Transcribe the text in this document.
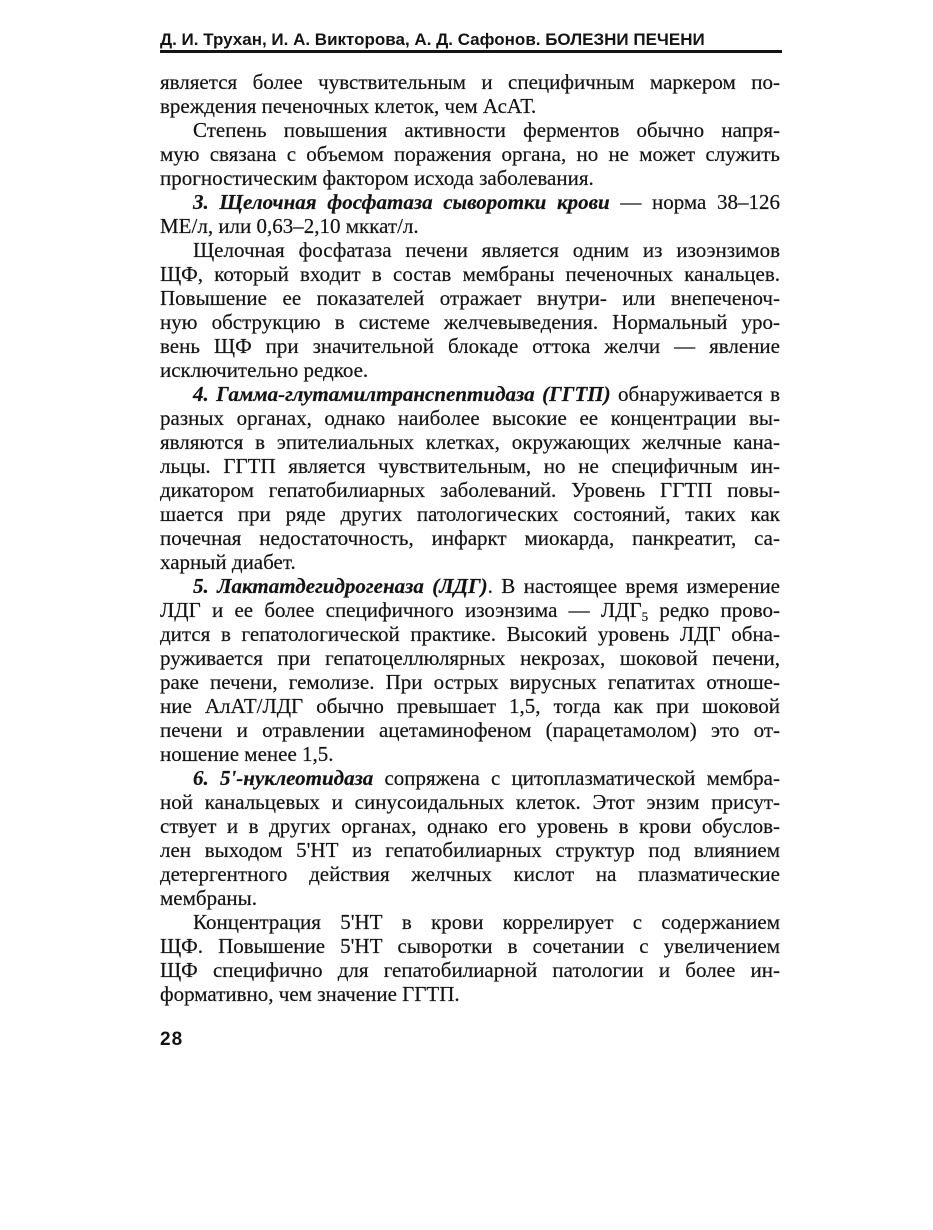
Д. И. Трухан, И. А. Викторова, А. Д. Сафонов. БОЛЕЗНИ ПЕЧЕНИ
является более чувствительным и специфичным маркером по-
вреждения печеночных клеток, чем АсАТ.
Степень повышения активности ферментов обычно напря-
мую связана с объемом поражения органа, но не может служить
прогностическим фактором исхода заболевания.
3. Щелочная фосфатаза сыворотки крови — норма 38–126
МЕ/л, или 0,63–2,10 мккат/л.
Щелочная фосфатаза печени является одним из изоэнзимов
ЩФ, который входит в состав мембраны печеночных канальцев.
Повышение ее показателей отражает внутри- или внепеченоч-
ную обструкцию в системе желчевыведения. Нормальный уро-
вень ЩФ при значительной блокаде оттока желчи — явление
исключительно редкое.
4. Гамма-глутамилтранспептидаза (ГГТП) обнаруживается в
разных органах, однако наиболее высокие ее концентрации вы-
являются в эпителиальных клетках, окружающих желчные кана-
льцы. ГГТП является чувствительным, но не специфичным ин-
дикатором гепатобилиарных заболеваний. Уровень ГГТП повы-
шается при ряде других патологических состояний, таких как
почечная недостаточность, инфаркт миокарда, панкреатит, са-
харный диабет.
5. Лактатдегидрогеназа (ЛДГ). В настоящее время измерение
ЛДГ и ее более специфичного изоэнзима — ЛДГ5 редко прово-
дится в гепатологической практике. Высокий уровень ЛДГ обна-
руживается при гепатоцеллюлярных некрозах, шоковой печени,
раке печени, гемолизе. При острых вирусных гепатитах отноше-
ние АлАТ/ЛДГ обычно превышает 1,5, тогда как при шоковой
печени и отравлении ацетаминофеном (парацетамолом) это от-
ношение менее 1,5.
6. 5'-нуклеотидаза сопряжена с цитоплазматической мембра-
ной канальцевых и синусоидальных клеток. Этот энзим присут-
ствует и в других органах, однако его уровень в крови обуслов-
лен выходом 5'НТ из гепатобилиарных структур под влиянием
детергентного действия желчных кислот на плазматические
мембраны.
Концентрация 5'НТ в крови коррелирует с содержанием
ЩФ. Повышение 5'НТ сыворотки в сочетании с увеличением
ЩФ специфично для гепатобилиарной патологии и более ин-
формативно, чем значение ГГТП.
28
